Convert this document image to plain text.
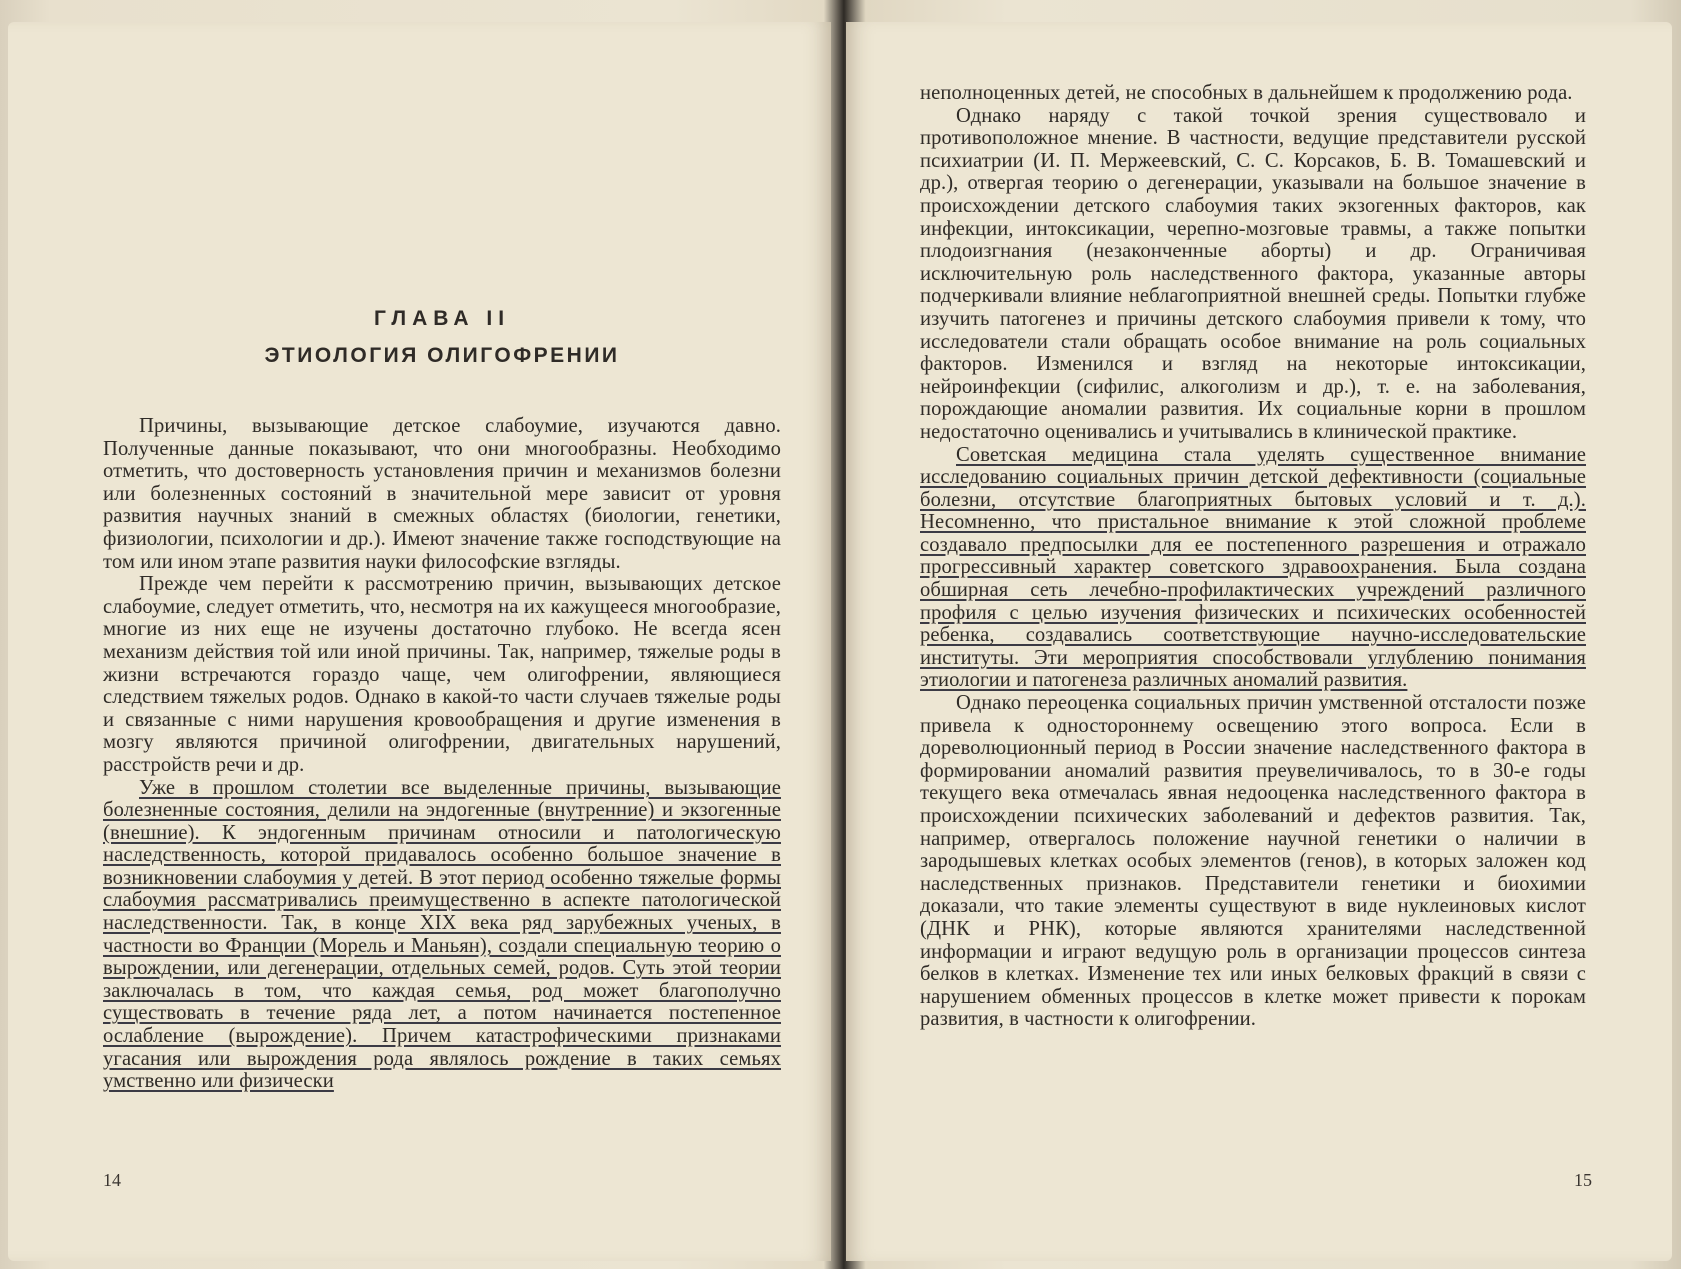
ГЛАВА II
ЭТИОЛОГИЯ ОЛИГОФРЕНИИ

Причины, вызывающие детское слабоумие, изучаются давно. Полученные данные показывают, что они многообразны. Необходимо отметить, что достоверность установления причин и механизмов болезни или болезненных состояний в значительной мере зависит от уровня развития научных знаний в смежных областях (биологии, генетики, физиологии, психологии и др.). Имеют значение также господствующие на том или ином этапе развития науки философские взгляды.

Прежде чем перейти к рассмотрению причин, вызывающих детское слабоумие, следует отметить, что, несмотря на их кажущееся многообразие, многие из них еще не изучены достаточно глубоко. Не всегда ясен механизм действия той или иной причины. Так, например, тяжелые роды в жизни встречаются гораздо чаще, чем олигофрении, являющиеся следствием тяжелых родов. Однако в какой-то части случаев тяжелые роды и связанные с ними нарушения кровообращения и другие изменения в мозгу являются причиной олигофрении, двигательных нарушений, расстройств речи и др.

Уже в прошлом столетии все выделенные причины, вызывающие болезненные состояния, делили на эндогенные (внутренние) и экзогенные (внешние). К эндогенным причинам относили и патологическую наследственность, которой придавалось особенно большое значение в возникновении слабоумия у детей. В этот период особенно тяжелые формы слабоумия рассматривались преимущественно в аспекте патологической наследственности. Так, в конце XIX века ряд зарубежных ученых, в частности во Франции (Морель и Маньян), создали специальную теорию о вырождении, или дегенерации, отдельных семей, родов. Суть этой теории заключалась в том, что каждая семья, род может благополучно существовать в течение ряда лет, а потом начинается постепенное ослабление (вырождение). Причем катастрофическими признаками угасания или вырождения рода являлось рождение в таких семьях умственно или физически

14

неполноценных детей, не способных в дальнейшем к продолжению рода.

Однако наряду с такой точкой зрения существовало и противоположное мнение. В частности, ведущие представители русской психиатрии (И. П. Мержеевский, С. С. Корсаков, Б. В. Томашевский и др.), отвергая теорию о дегенерации, указывали на большое значение в происхождении детского слабоумия таких экзогенных факторов, как инфекции, интоксикации, черепно-мозговые травмы, а также попытки плодоизгнания (незаконченные аборты) и др. Ограничивая исключительную роль наследственного фактора, указанные авторы подчеркивали влияние неблагоприятной внешней среды. Попытки глубже изучить патогенез и причины детского слабоумия привели к тому, что исследователи стали обращать особое внимание на роль социальных факторов. Изменился и взгляд на некоторые интоксикации, нейроинфекции (сифилис, алкоголизм и др.), т. е. на заболевания, порождающие аномалии развития. Их социальные корни в прошлом недостаточно оценивались и учитывались в клинической практике.

Советская медицина стала уделять существенное внимание исследованию социальных причин детской дефективности (социальные болезни, отсутствие благоприятных бытовых условий и т. д.). Несомненно, что пристальное внимание к этой сложной проблеме создавало предпосылки для ее постепенного разрешения и отражало прогрессивный характер советского здравоохранения. Была создана обширная сеть лечебно-профилактических учреждений различного профиля с целью изучения физических и психических особенностей ребенка, создавались соответствующие научно-исследовательские институты. Эти мероприятия способствовали углублению понимания этиологии и патогенеза различных аномалий развития.

Однако переоценка социальных причин умственной отсталости позже привела к одностороннему освещению этого вопроса. Если в дореволюционный период в России значение наследственного фактора в формировании аномалий развития преувеличивалось, то в 30-е годы текущего века отмечалась явная недооценка наследственного фактора в происхождении психических заболеваний и дефектов развития. Так, например, отвергалось положение научной генетики о наличии в зародышевых клетках особых элементов (генов), в которых заложен код наследственных признаков. Представители генетики и биохимии доказали, что такие элементы существуют в виде нуклеиновых кислот (ДНК и РНК), которые являются хранителями наследственной информации и играют ведущую роль в организации процессов синтеза белков в клетках. Изменение тех или иных белковых фракций в связи с нарушением обменных процессов в клетке может привести к порокам развития, в частности к олигофрении.

15
